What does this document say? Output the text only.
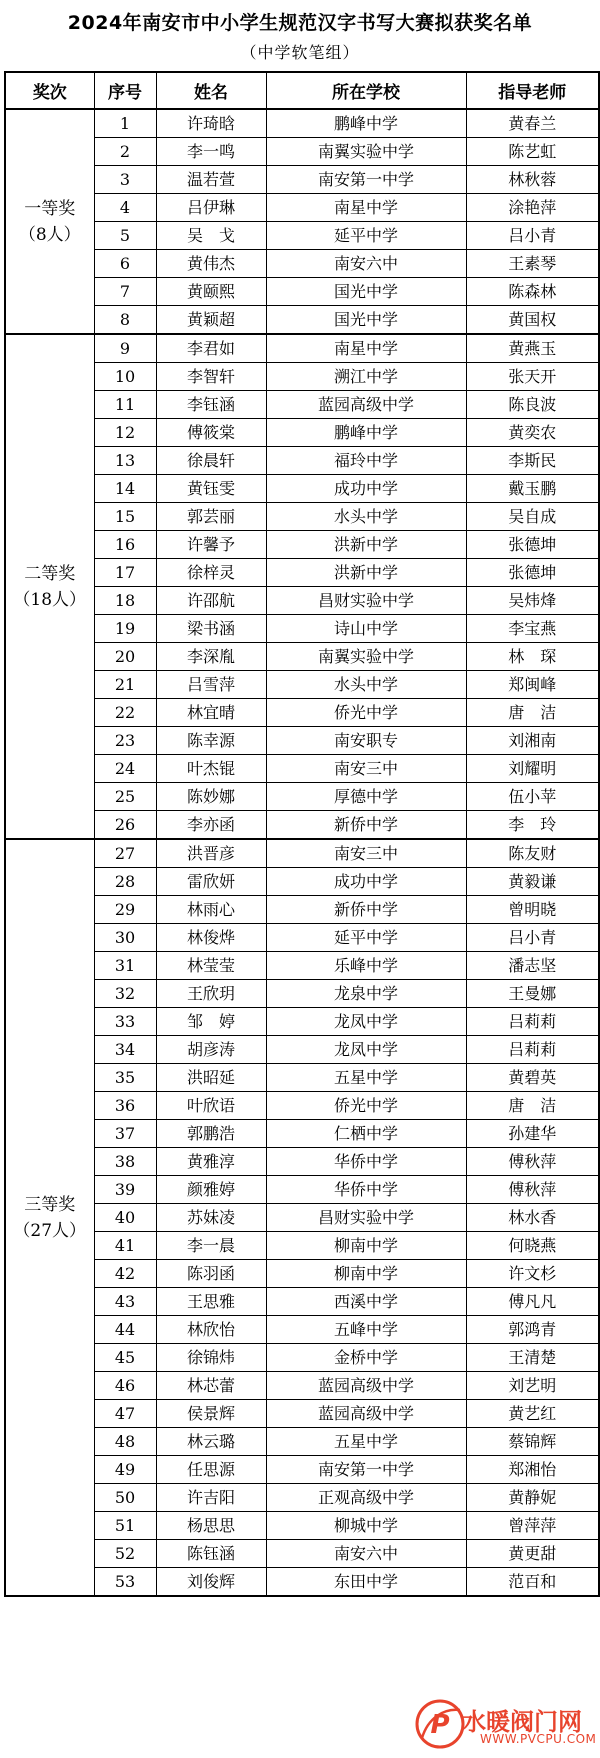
2024年南安市中小学生规范汉字书写大赛拟获奖名单
（中学软笔组）
奖次	序号	姓名	所在学校	指导老师
一等奖
（8人）	1	许琦晗	鹏峰中学	黄春兰
	2	李一鸣	南翼实验中学	陈艺虹
	3	温若萱	南安第一中学	林秋蓉
	4	吕伊琳	南星中学	涂艳萍
	5	吴　戈	延平中学	吕小青
	6	黄伟杰	南安六中	王素琴
	7	黄颐熙	国光中学	陈森林
	8	黄颖超	国光中学	黄国权
二等奖
（18人）	9	李君如	南星中学	黄燕玉
	10	李智轩	溯江中学	张天开
	11	李钰涵	蓝园高级中学	陈良波
	12	傅筱棠	鹏峰中学	黄奕农
	13	徐晨轩	福玲中学	李斯民
	14	黄钰雯	成功中学	戴玉鹏
	15	郭芸丽	水头中学	吴自成
	16	许馨予	洪新中学	张德坤
	17	徐梓灵	洪新中学	张德坤
	18	许邵航	昌财实验中学	吴炜烽
	19	梁书涵	诗山中学	李宝燕
	20	李深胤	南翼实验中学	林　琛
	21	吕雪萍	水头中学	郑闽峰
	22	林宜晴	侨光中学	唐　洁
	23	陈幸源	南安职专	刘湘南
	24	叶杰锟	南安三中	刘耀明
	25	陈妙娜	厚德中学	伍小苹
	26	李亦函	新侨中学	李　玲
三等奖
（27人）	27	洪晋彦	南安三中	陈友财
	28	雷欣妍	成功中学	黄毅谦
	29	林雨心	新侨中学	曾明晓
	30	林俊烨	延平中学	吕小青
	31	林莹莹	乐峰中学	潘志坚
	32	王欣玥	龙泉中学	王曼娜
	33	邹　婷	龙凤中学	吕莉莉
	34	胡彦涛	龙凤中学	吕莉莉
	35	洪昭延	五星中学	黄碧英
	36	叶欣语	侨光中学	唐　洁
	37	郭鹏浩	仁栖中学	孙建华
	38	黄雅淳	华侨中学	傅秋萍
	39	颜雅婷	华侨中学	傅秋萍
	40	苏妹凌	昌财实验中学	林水香
	41	李一晨	柳南中学	何晓燕
	42	陈羽函	柳南中学	许文杉
	43	王思雅	西溪中学	傅凡凡
	44	林欣怡	五峰中学	郭鸿青
	45	徐锦炜	金桥中学	王清楚
	46	林芯蕾	蓝园高级中学	刘艺明
	47	侯景辉	蓝园高级中学	黄艺红
	48	林云璐	五星中学	蔡锦辉
	49	任思源	南安第一中学	郑湘怡
	50	许吉阳	正观高级中学	黄静妮
	51	杨思思	柳城中学	曾萍萍
	52	陈钰涵	南安六中	黄更甜
	53	刘俊辉	东田中学	范百和
P 水暖阀门网
WWW.PVCPU.COM
